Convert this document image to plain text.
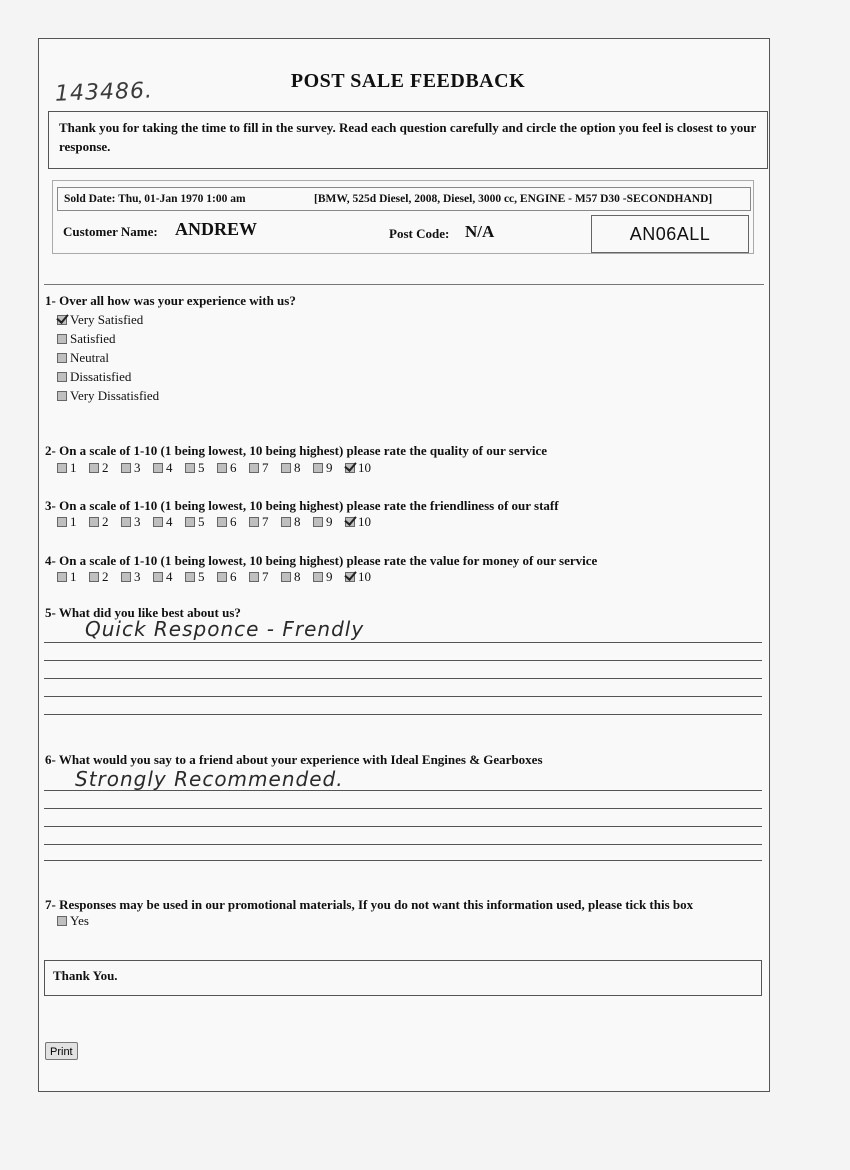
143486.	POST SALE FEEDBACK
Thank you for taking the time to fill in the survey. Read each question carefully and circle the option you feel is closest to your response.
Sold Date: Thu, 01-Jan 1970 1:00 am	[BMW, 525d Diesel, 2008, Diesel, 3000 cc, ENGINE - M57 D30 -SECONDHAND]
Customer Name: ANDREW	Post Code: N/A	AN06ALL
1- Over all how was your experience with us?
Very Satisfied
Satisfied
Neutral
Dissatisfied
Very Dissatisfied
2- On a scale of 1-10 (1 being lowest, 10 being highest) please rate the quality of our service
1 2 3 4 5 6 7 8 9 10
3- On a scale of 1-10 (1 being lowest, 10 being highest) please rate the friendliness of our staff
1 2 3 4 5 6 7 8 9 10
4- On a scale of 1-10 (1 being lowest, 10 being highest) please rate the value for money of our service
1 2 3 4 5 6 7 8 9 10
5- What did you like best about us?
Quick Responce - Frendly
6- What would you say to a friend about your experience with Ideal Engines & Gearboxes
Strongly Recommended.
7- Responses may be used in our promotional materials, If you do not want this information used, please tick this box
Yes
Thank You.
Print
